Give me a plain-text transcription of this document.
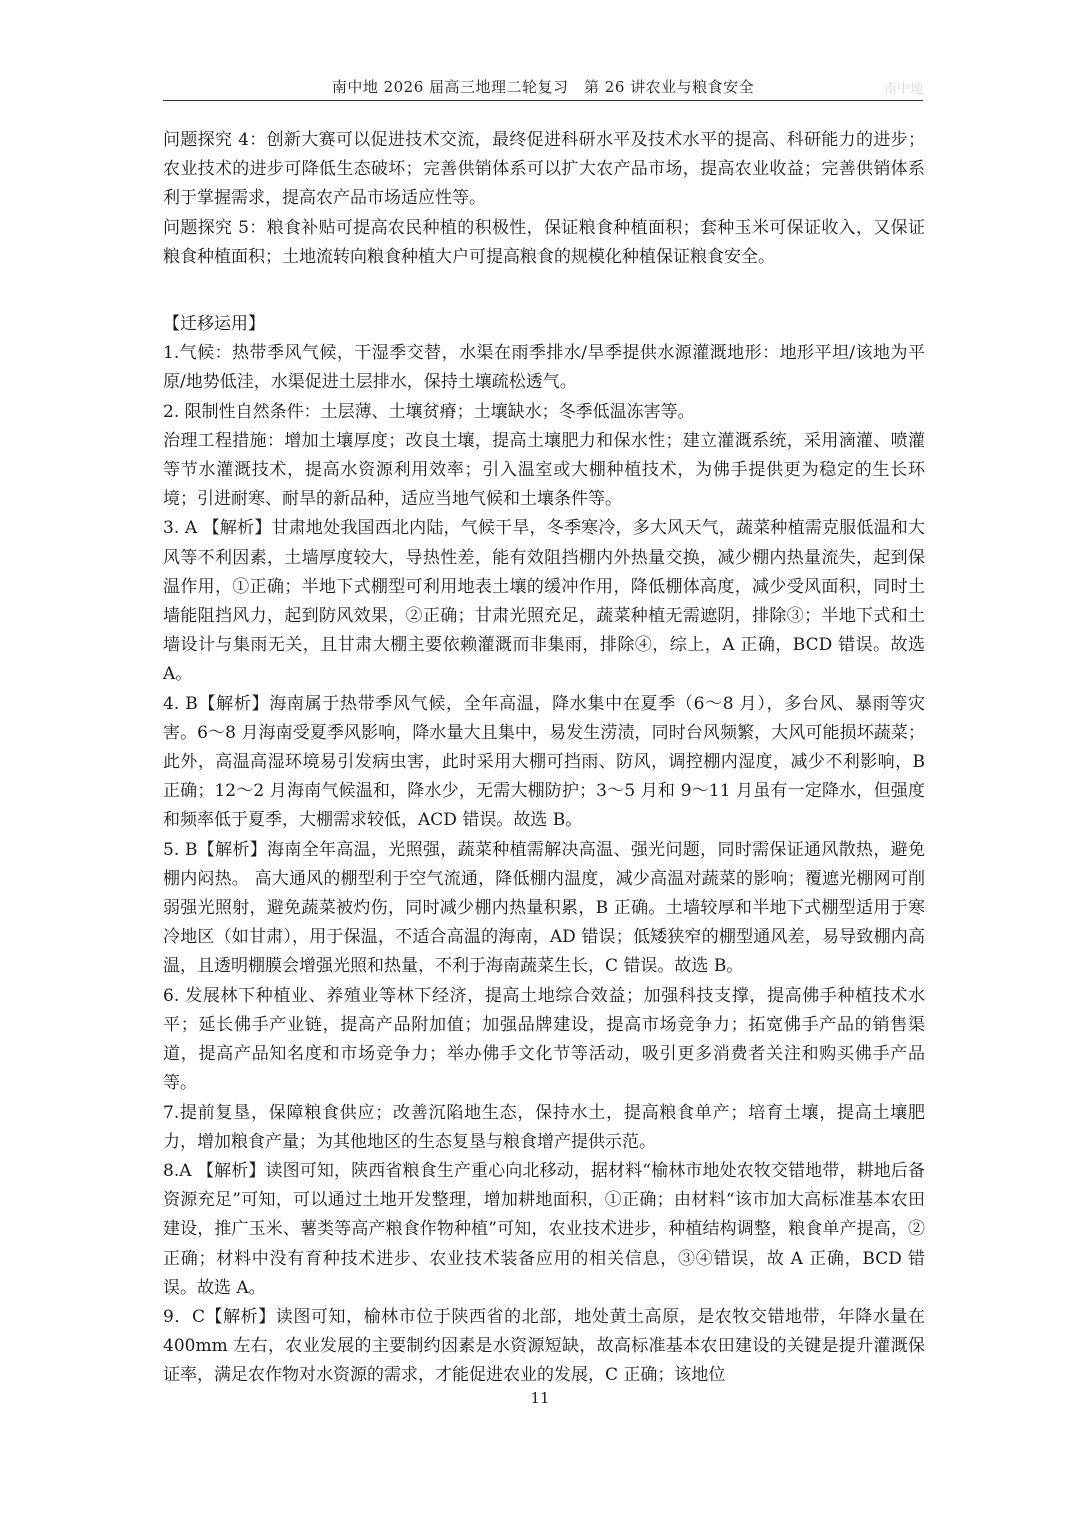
南中地 2026 届高三地理二轮复习　第 26 讲农业与粮食安全	南中地

问题探究 4：创新大赛可以促进技术交流，最终促进科研水平及技术水平的提高、科研能力的进步；农业技术的进步可降低生态破坏；完善供销体系可以扩大农产品市场，提高农业收益；完善供销体系利于掌握需求，提高农产品市场适应性等。

问题探究 5：粮食补贴可提高农民种植的积极性，保证粮食种植面积；套种玉米可保证收入，又保证粮食种植面积；土地流转向粮食种植大户可提高粮食的规模化种植保证粮食安全。

【迁移运用】

1.气候：热带季风气候，干湿季交替，水渠在雨季排水/旱季提供水源灌溉地形：地形平坦/该地为平原/地势低洼，水渠促进土层排水，保持土壤疏松透气。

2. 限制性自然条件：土层薄、土壤贫瘠；土壤缺水；冬季低温冻害等。

治理工程措施：增加土壤厚度；改良土壤，提高土壤肥力和保水性；建立灌溉系统，采用滴灌、喷灌等节水灌溉技术，提高水资源利用效率；引入温室或大棚种植技术，为佛手提供更为稳定的生长环境；引进耐寒、耐旱的新品种，适应当地气候和土壤条件等。

3. A 【解析】甘肃地处我国西北内陆，气候干旱，冬季寒冷，多大风天气，蔬菜种植需克服低温和大风等不利因素，土墙厚度较大，导热性差，能有效阻挡棚内外热量交换，减少棚内热量流失，起到保温作用，①正确；半地下式棚型可利用地表土壤的缓冲作用，降低棚体高度，减少受风面积，同时土墙能阻挡风力，起到防风效果，②正确；甘肃光照充足，蔬菜种植无需遮阴，排除③；半地下式和土墙设计与集雨无关，且甘肃大棚主要依赖灌溉而非集雨，排除④，综上，A 正确，BCD 错误。故选 A。

4. B【解析】海南属于热带季风气候，全年高温，降水集中在夏季（6～8 月），多台风、暴雨等灾害。6～8 月海南受夏季风影响，降水量大且集中，易发生涝渍，同时台风频繁，大风可能损坏蔬菜；此外，高温高湿环境易引发病虫害，此时采用大棚可挡雨、防风，调控棚内湿度，减少不利影响，B 正确；12～2 月海南气候温和，降水少，无需大棚防护；3～5 月和 9～11 月虽有一定降水，但强度和频率低于夏季，大棚需求较低，ACD 错误。故选 B。

5. B【解析】海南全年高温，光照强，蔬菜种植需解决高温、强光问题，同时需保证通风散热，避免棚内闷热。 高大通风的棚型利于空气流通，降低棚内温度，减少高温对蔬菜的影响；覆遮光棚网可削弱强光照射，避免蔬菜被灼伤，同时减少棚内热量积累，B 正确。土墙较厚和半地下式棚型适用于寒冷地区（如甘肃），用于保温，不适合高温的海南，AD 错误；低矮狭窄的棚型通风差，易导致棚内高温，且透明棚膜会增强光照和热量，不利于海南蔬菜生长，C 错误。故选 B。

6. 发展林下种植业、养殖业等林下经济，提高土地综合效益；加强科技支撑，提高佛手种植技术水平；延长佛手产业链，提高产品附加值；加强品牌建设，提高市场竞争力；拓宽佛手产品的销售渠道，提高产品知名度和市场竞争力；举办佛手文化节等活动，吸引更多消费者关注和购买佛手产品等。

7.提前复垦，保障粮食供应；改善沉陷地生态，保持水土，提高粮食单产；培育土壤，提高土壤肥力，增加粮食产量；为其他地区的生态复垦与粮食增产提供示范。

8.A 【解析】读图可知，陕西省粮食生产重心向北移动，据材料“榆林市地处农牧交错地带，耕地后备资源充足”可知，可以通过土地开发整理，增加耕地面积，①正确；由材料“该市加大高标准基本农田建设，推广玉米、薯类等高产粮食作物种植”可知，农业技术进步，种植结构调整，粮食单产提高，②正确；材料中没有育种技术进步、农业技术装备应用的相关信息，③④错误，故 A 正确，BCD 错误。故选 A。

9．C【解析】读图可知，榆林市位于陕西省的北部，地处黄土高原，是农牧交错地带，年降水量在 400mm 左右，农业发展的主要制约因素是水资源短缺，故高标准基本农田建设的关键是提升灌溉保证率，满足农作物对水资源的需求，才能促进农业的发展，C 正确；该地位

11
